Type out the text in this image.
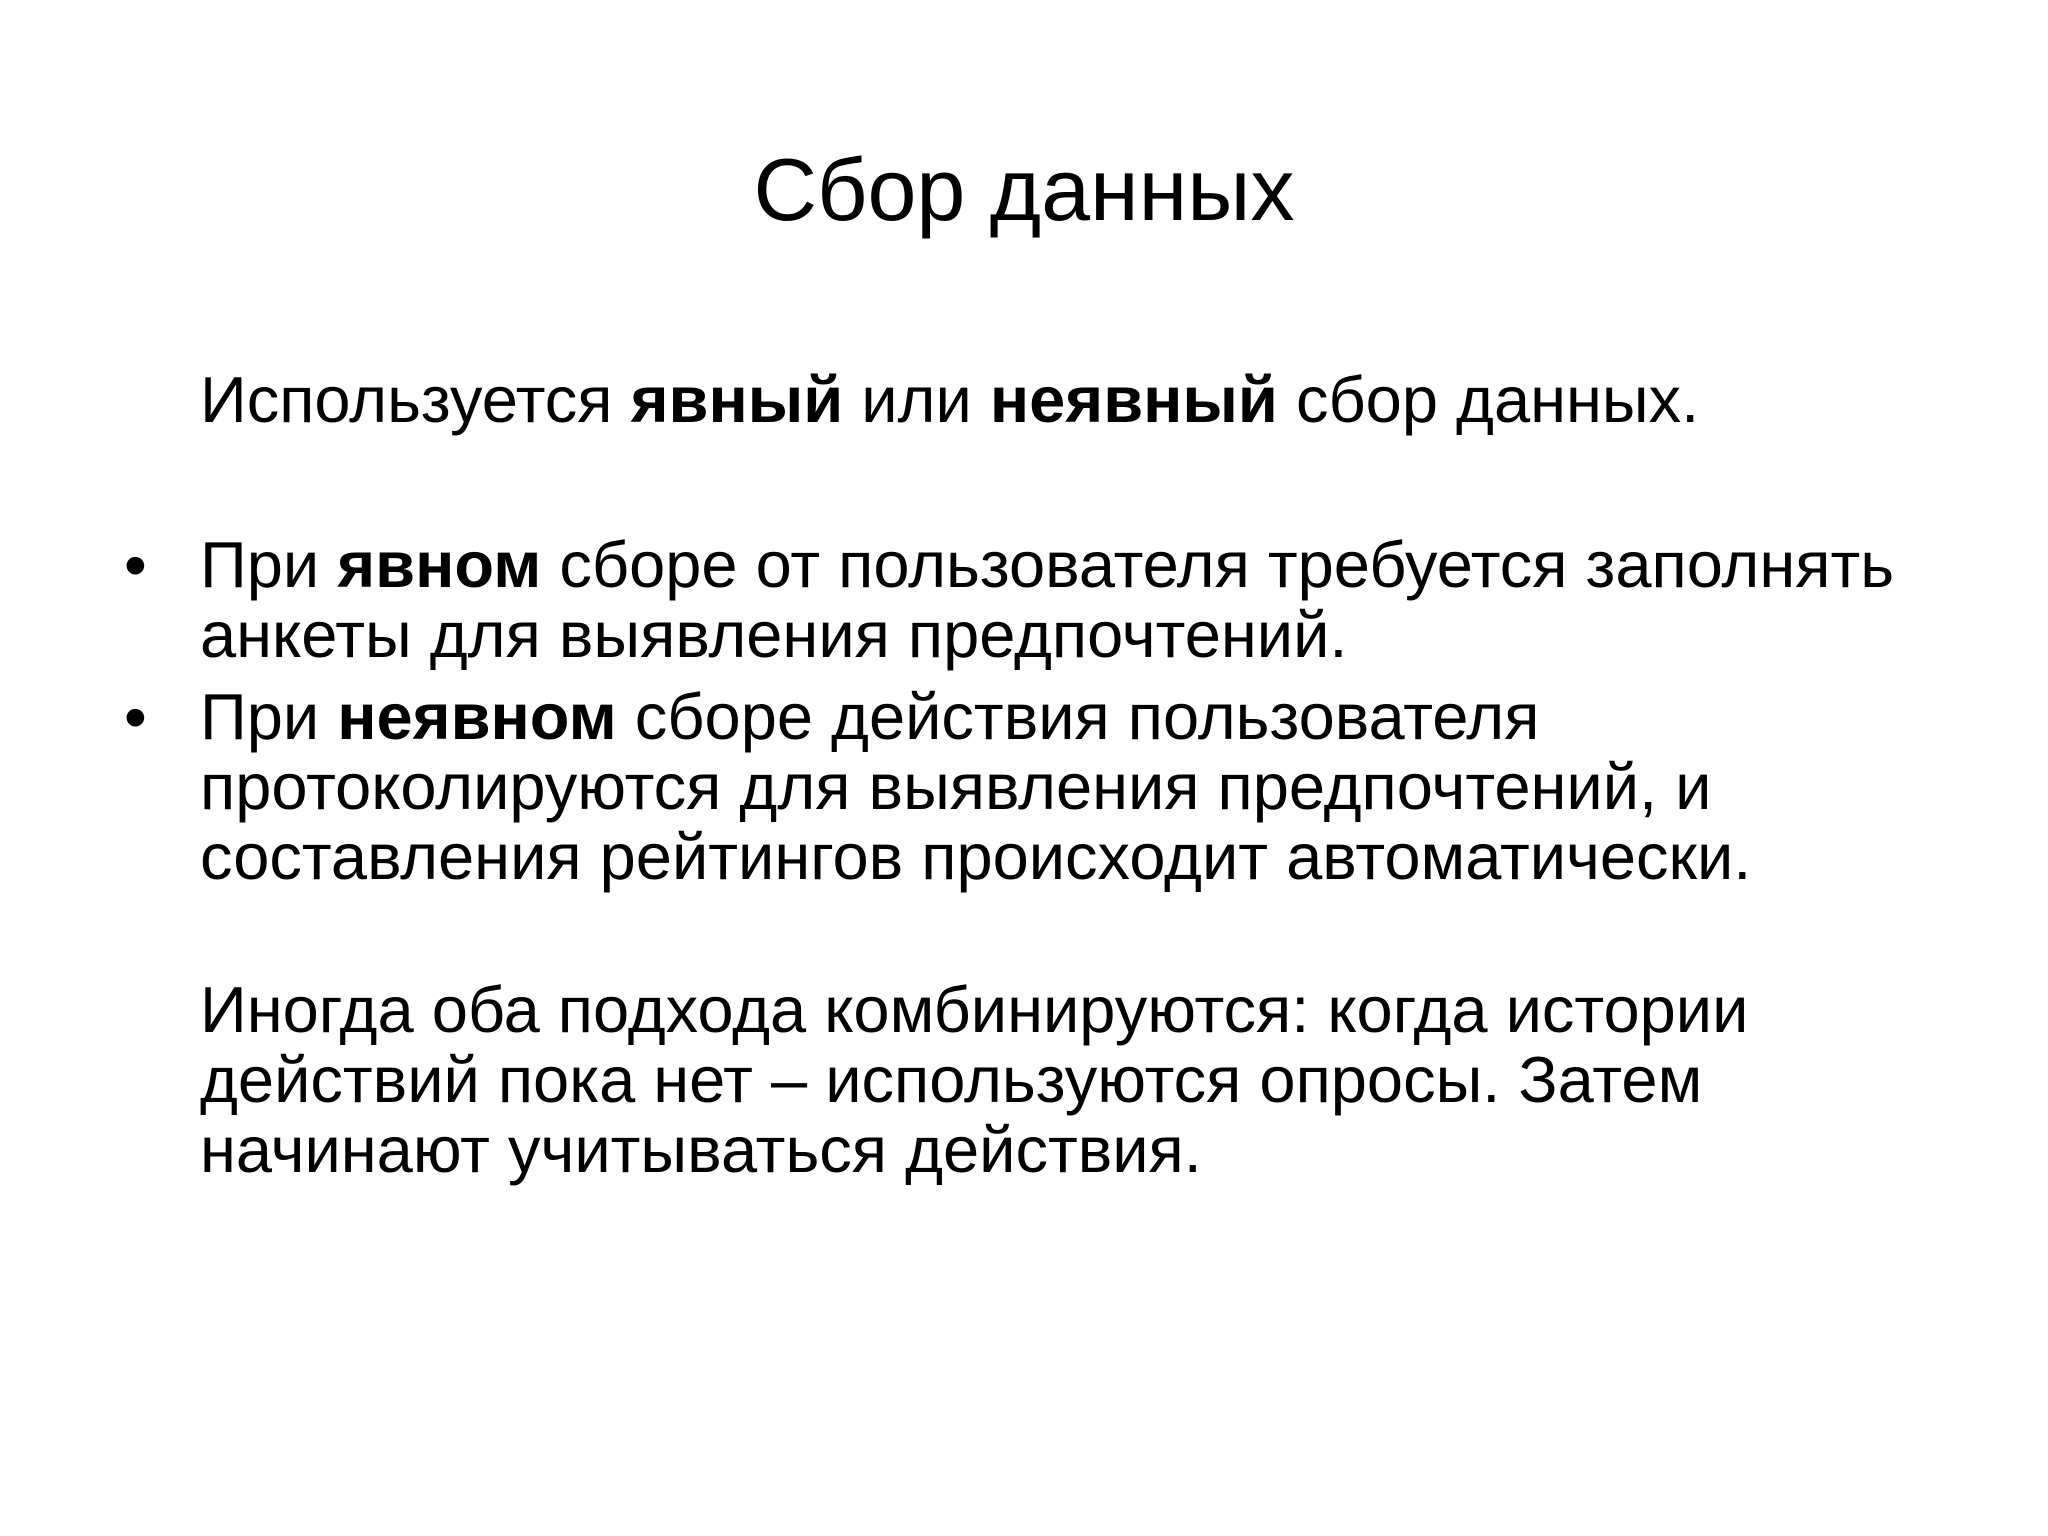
Сбор данных

Используется явный или неявный сбор данных.

• При явном сборе от пользователя требуется заполнять анкеты для выявления предпочтений.
• При неявном сборе действия пользователя протоколируются для выявления предпочтений, и составления рейтингов происходит автоматически.

Иногда оба подхода комбинируются: когда истории действий пока нет – используются опросы. Затем начинают учитываться действия.
